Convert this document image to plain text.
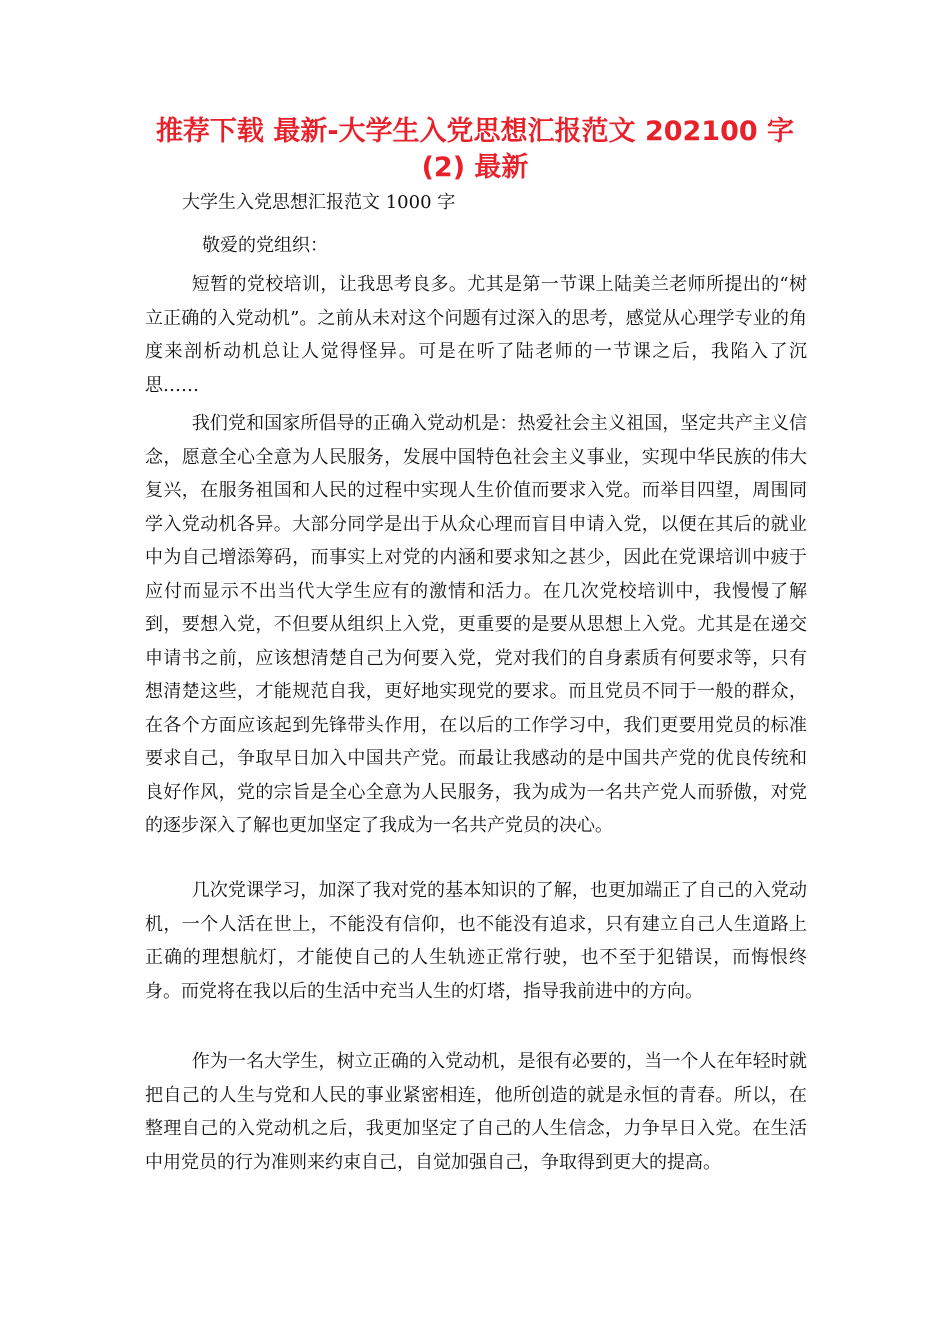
推荐下载 最新-大学生入党思想汇报范文 202100 字(2) 最新

大学生入党思想汇报范文 1000 字

敬爱的党组织：

短暂的党校培训，让我思考良多。尤其是第一节课上陆美兰老师所提出的“树立正确的入党动机”。之前从未对这个问题有过深入的思考，感觉从心理学专业的角度来剖析动机总让人觉得怪异。可是在听了陆老师的一节课之后，我陷入了沉思……

我们党和国家所倡导的正确入党动机是：热爱社会主义祖国，坚定共产主义信念，愿意全心全意为人民服务，发展中国特色社会主义事业，实现中华民族的伟大复兴，在服务祖国和人民的过程中实现人生价值而要求入党。而举目四望，周围同学入党动机各异。大部分同学是出于从众心理而盲目申请入党，以便在其后的就业中为自己增添筹码，而事实上对党的内涵和要求知之甚少，因此在党课培训中疲于应付而显示不出当代大学生应有的激情和活力。在几次党校培训中，我慢慢了解到，要想入党，不但要从组织上入党，更重要的是要从思想上入党。尤其是在递交申请书之前，应该想清楚自己为何要入党，党对我们的自身素质有何要求等，只有想清楚这些，才能规范自我，更好地实现党的要求。而且党员不同于一般的群众，在各个方面应该起到先锋带头作用，在以后的工作学习中，我们更要用党员的标准要求自己，争取早日加入中国共产党。而最让我感动的是中国共产党的优良传统和良好作风，党的宗旨是全心全意为人民服务，我为成为一名共产党人而骄傲，对党的逐步深入了解也更加坚定了我成为一名共产党员的决心。

几次党课学习，加深了我对党的基本知识的了解，也更加端正了自己的入党动机，一个人活在世上，不能没有信仰，也不能没有追求，只有建立自己人生道路上正确的理想航灯，才能使自己的人生轨迹正常行驶，也不至于犯错误，而悔恨终身。而党将在我以后的生活中充当人生的灯塔，指导我前进中的方向。

作为一名大学生，树立正确的入党动机，是很有必要的，当一个人在年轻时就把自己的人生与党和人民的事业紧密相连，他所创造的就是永恒的青春。所以，在整理自己的入党动机之后，我更加坚定了自己的人生信念，力争早日入党。在生活中用党员的行为准则来约束自己，自觉加强自己，争取得到更大的提高。
